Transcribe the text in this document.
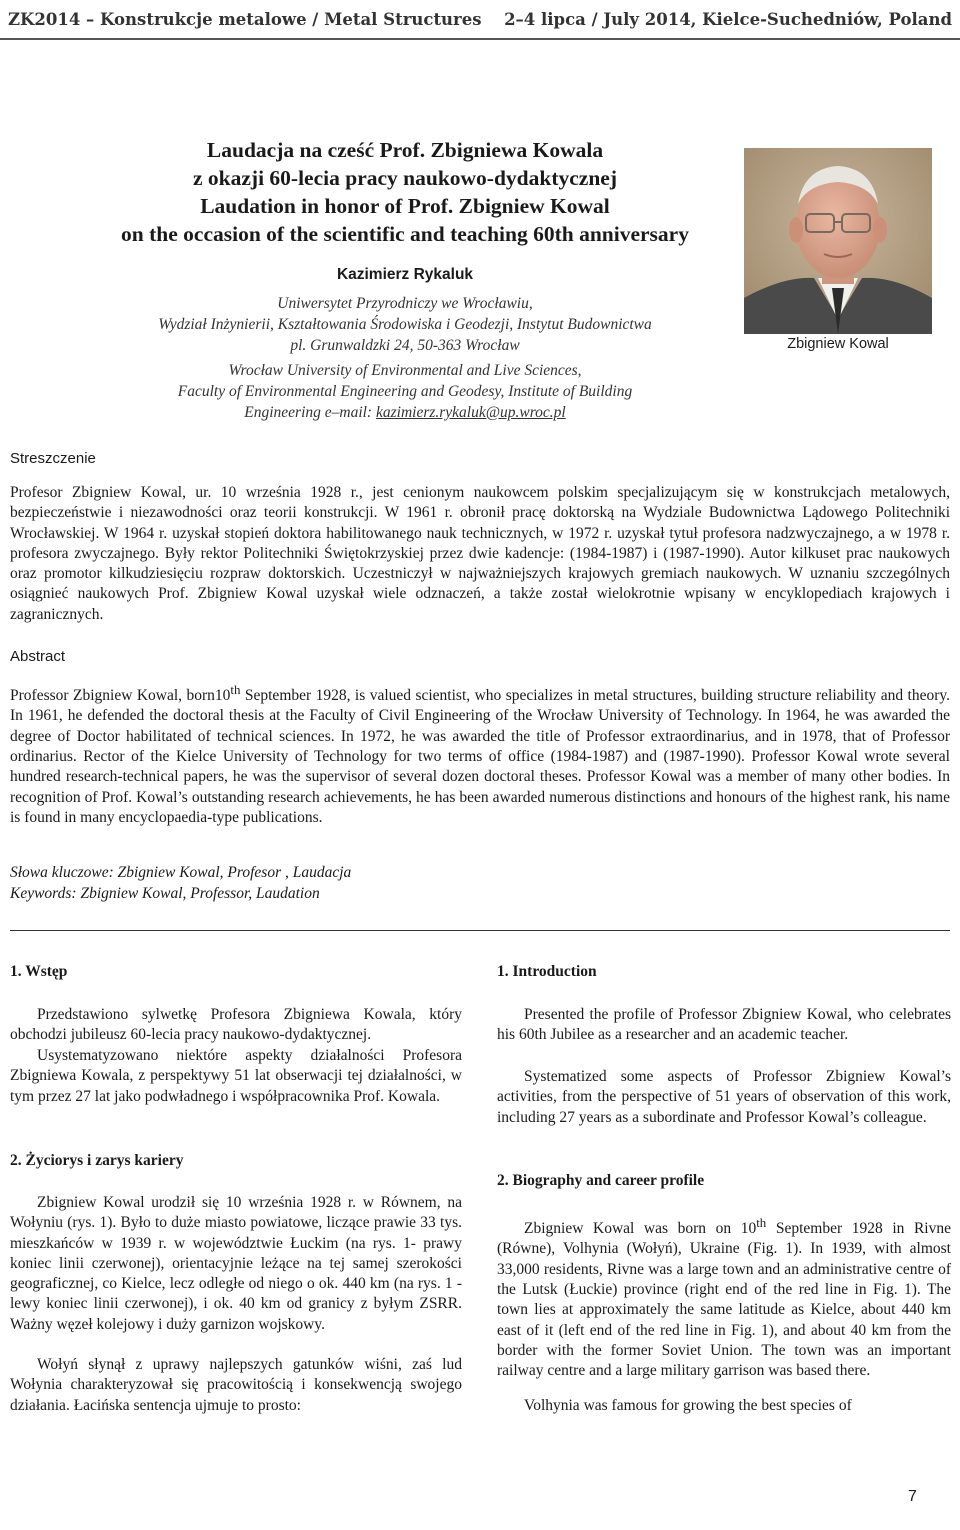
ZK2014 – Konstrukcje metalowe / Metal Structures 2–4 lipca / July 2014, Kielce-Suchedniów, Poland
Laudacja na cześć Prof. Zbigniewa Kowala
z okazji 60-lecia pracy naukowo-dydaktycznej
Laudation in honor of Prof. Zbigniew Kowal
on the occasion of the scientific and teaching 60th anniversary
Kazimierz Rykaluk
Uniwersytet Przyrodniczy we Wrocławiu,
Wydział Inżynierii, Kształtowania Środowiska i Geodezji, Instytut Budownictwa
pl. Grunwaldzki 24, 50-363 Wrocław
Wrocław University of Environmental and Live Sciences,
Faculty of Environmental Engineering and Geodesy, Institute of Building
Engineering e–mail: kazimierz.rykaluk@up.wroc.pl
Zbigniew Kowal
Streszczenie
Profesor Zbigniew Kowal, ur. 10 września 1928 r., jest cenionym naukowcem polskim specjalizującym się w konstrukcjach metalowych, bezpieczeństwie i niezawodności oraz teorii konstrukcji. W 1961 r. obronił pracę doktorską na Wydziale Budownictwa Lądowego Politechniki Wrocławskiej. W 1964 r. uzyskał stopień doktora habilitowanego nauk technicznych, w 1972 r. uzyskał tytuł profesora nadzwyczajnego, a w 1978 r. profesora zwyczajnego. Były rektor Politechniki Świętokrzyskiej przez dwie kadencje: (1984-1987) i (1987-1990). Autor kilkuset prac naukowych oraz promotor kilkudziesięciu rozpraw doktorskich. Uczestniczył w najważniejszych krajowych gremiach naukowych. W uznaniu szczególnych osiągnieć naukowych Prof. Zbigniew Kowal uzyskał wiele odznaczeń, a także został wielokrotnie wpisany w encyklopediach krajowych i zagranicznych.
Abstract
Professor Zbigniew Kowal, born10th September 1928, is valued scientist, who specializes in metal structures, building structure reliability and theory. In 1961, he defended the doctoral thesis at the Faculty of Civil Engineering of the Wrocław University of Technology. In 1964, he was awarded the degree of Doctor habilitated of technical sciences. In 1972, he was awarded the title of Professor extraordinarius, and in 1978, that of Professor ordinarius. Rector of the Kielce University of Technology for two terms of office (1984-1987) and (1987-1990). Professor Kowal wrote several hundred research-technical papers, he was the supervisor of several dozen doctoral theses. Professor Kowal was a member of many other bodies. In recognition of Prof. Kowal’s outstanding research achievements, he has been awarded numerous distinctions and honours of the highest rank, his name is found in many encyclopaedia-type publications.
Słowa kluczowe: Zbigniew Kowal, Profesor , Laudacja
Keywords: Zbigniew Kowal, Professor, Laudation
1. Wstęp
Przedstawiono sylwetkę Profesora Zbigniewa Kowala, który obchodzi jubileusz 60-lecia pracy naukowo-dydaktycznej.
Usystematyzowano niektóre aspekty działalności Profesora Zbigniewa Kowala, z perspektywy 51 lat obserwacji tej działalności, w tym przez 27 lat jako podwładnego i współpracownika Prof. Kowala.
2. Życiorys i zarys kariery
Zbigniew Kowal urodził się 10 września 1928 r. w Równem, na Wołyniu (rys. 1). Było to duże miasto powiatowe, liczące prawie 33 tys. mieszkańców w 1939 r. w województwie Łuckim (na rys. 1- prawy koniec linii czerwonej), orientacyjnie leżące na tej samej szerokości geograficznej, co Kielce, lecz odległe od niego o ok. 440 km (na rys. 1 - lewy koniec linii czerwonej), i ok. 40 km od granicy z byłym ZSRR. Ważny węzeł kolejowy i duży garnizon wojskowy.
Wołyń słynął z uprawy najlepszych gatunków wiśni, zaś lud Wołynia charakteryzował się pracowitością i konsekwencją swojego działania. Łacińska sentencja ujmuje to prosto:
1. Introduction
Presented the profile of Professor Zbigniew Kowal, who celebrates his 60th Jubilee as a researcher and an academic teacher.
Systematized some aspects of Professor Zbigniew Kowal’s activities, from the perspective of 51 years of observation of this work, including 27 years as a subordinate and Professor Kowal’s colleague.
2. Biography and career profile
Zbigniew Kowal was born on 10th September 1928 in Rivne (Równe), Volhynia (Wołyń), Ukraine (Fig. 1). In 1939, with almost 33,000 residents, Rivne was a large town and an administrative centre of the Lutsk (Łuckie) province (right end of the red line in Fig. 1). The town lies at approximately the same latitude as Kielce, about 440 km east of it (left end of the red line in Fig. 1), and about 40 km from the border with the former Soviet Union. The town was an important railway centre and a large military garrison was based there.
Volhynia was famous for growing the best species of
7
